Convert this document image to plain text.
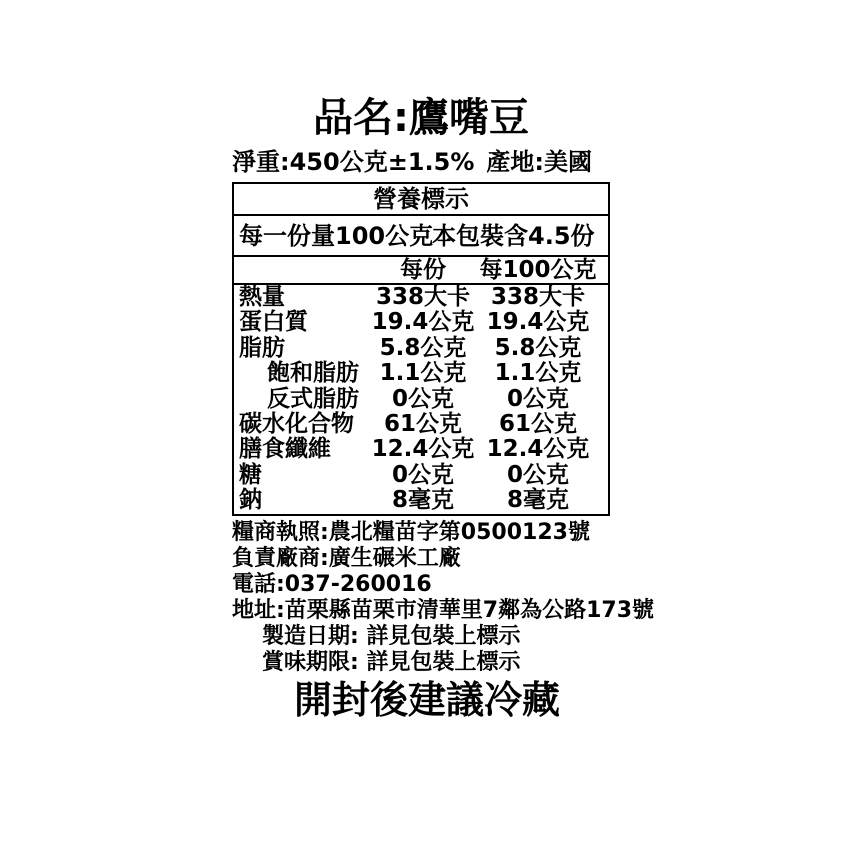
品名:鷹嘴豆
淨重:450公克±1.5% 產地:美國
營養標示
每一份量100公克
本包裝含4.5份
每份	每100公克
熱量	338大卡 338大卡
蛋白質	19.4公克 19.4公克
脂肪	5.8公克	5.8公克
飽和脂肪 1.1公克	1.1公克
反式脂肪	0公克	0公克
碳水化合物	61公克	61公克
膳食纖維	12.4公克 12.4公克
糖	0公克	0公克
鈉	8毫克	8毫克
糧商執照:農北糧苗字第0500123號
負責廠商:廣生碾米工廠
電話:037-260016
地址:苗栗縣苗栗市清華里7鄰為公路173號
製造日期: 詳見包裝上標示
賞味期限: 詳見包裝上標示
開封後建議冷藏
